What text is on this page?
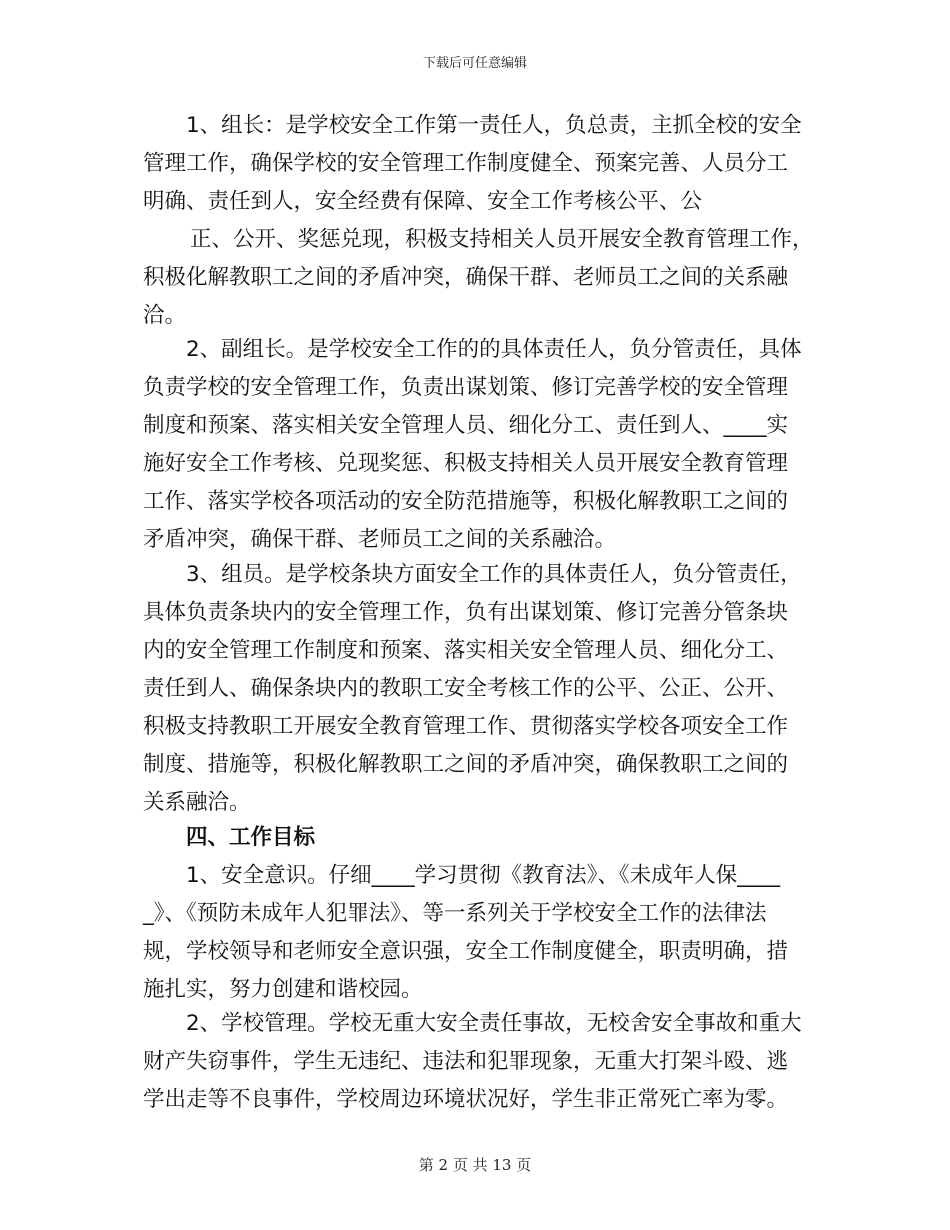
下载后可任意编辑
1、组长：是学校安全工作第一责任人，负总责，主抓全校的安全
管理工作，确保学校的安全管理工作制度健全、预案完善、人员分工
明确、责任到人，安全经费有保障、安全工作考核公平、公
正、公开、奖惩兑现，积极支持相关人员开展安全教育管理工作，
积极化解教职工之间的矛盾冲突，确保干群、老师员工之间的关系融
洽。
2、副组长。是学校安全工作的的具体责任人，负分管责任，具体
负责学校的安全管理工作，负责出谋划策、修订完善学校的安全管理
制度和预案、落实相关安全管理人员、细化分工、责任到人、____实
施好安全工作考核、兑现奖惩、积极支持相关人员开展安全教育管理
工作、落实学校各项活动的安全防范措施等，积极化解教职工之间的
矛盾冲突，确保干群、老师员工之间的关系融洽。
3、组员。是学校条块方面安全工作的具体责任人，负分管责任，
具体负责条块内的安全管理工作，负有出谋划策、修订完善分管条块
内的安全管理工作制度和预案、落实相关安全管理人员、细化分工、
责任到人、确保条块内的教职工安全考核工作的公平、公正、公开、
积极支持教职工开展安全教育管理工作、贯彻落实学校各项安全工作
制度、措施等，积极化解教职工之间的矛盾冲突，确保教职工之间的
关系融洽。
四、工作目标
1、安全意识。仔细____学习贯彻《教育法》、《未成年人保____
_》、《预防未成年人犯罪法》、等一系列关于学校安全工作的法律法
规，学校领导和老师安全意识强，安全工作制度健全，职责明确，措
施扎实，努力创建和谐校园。
2、学校管理。学校无重大安全责任事故，无校舍安全事故和重大
财产失窃事件，学生无违纪、违法和犯罪现象，无重大打架斗殴、逃
学出走等不良事件，学校周边环境状况好，学生非正常死亡率为零。
第 2 页 共 13 页
